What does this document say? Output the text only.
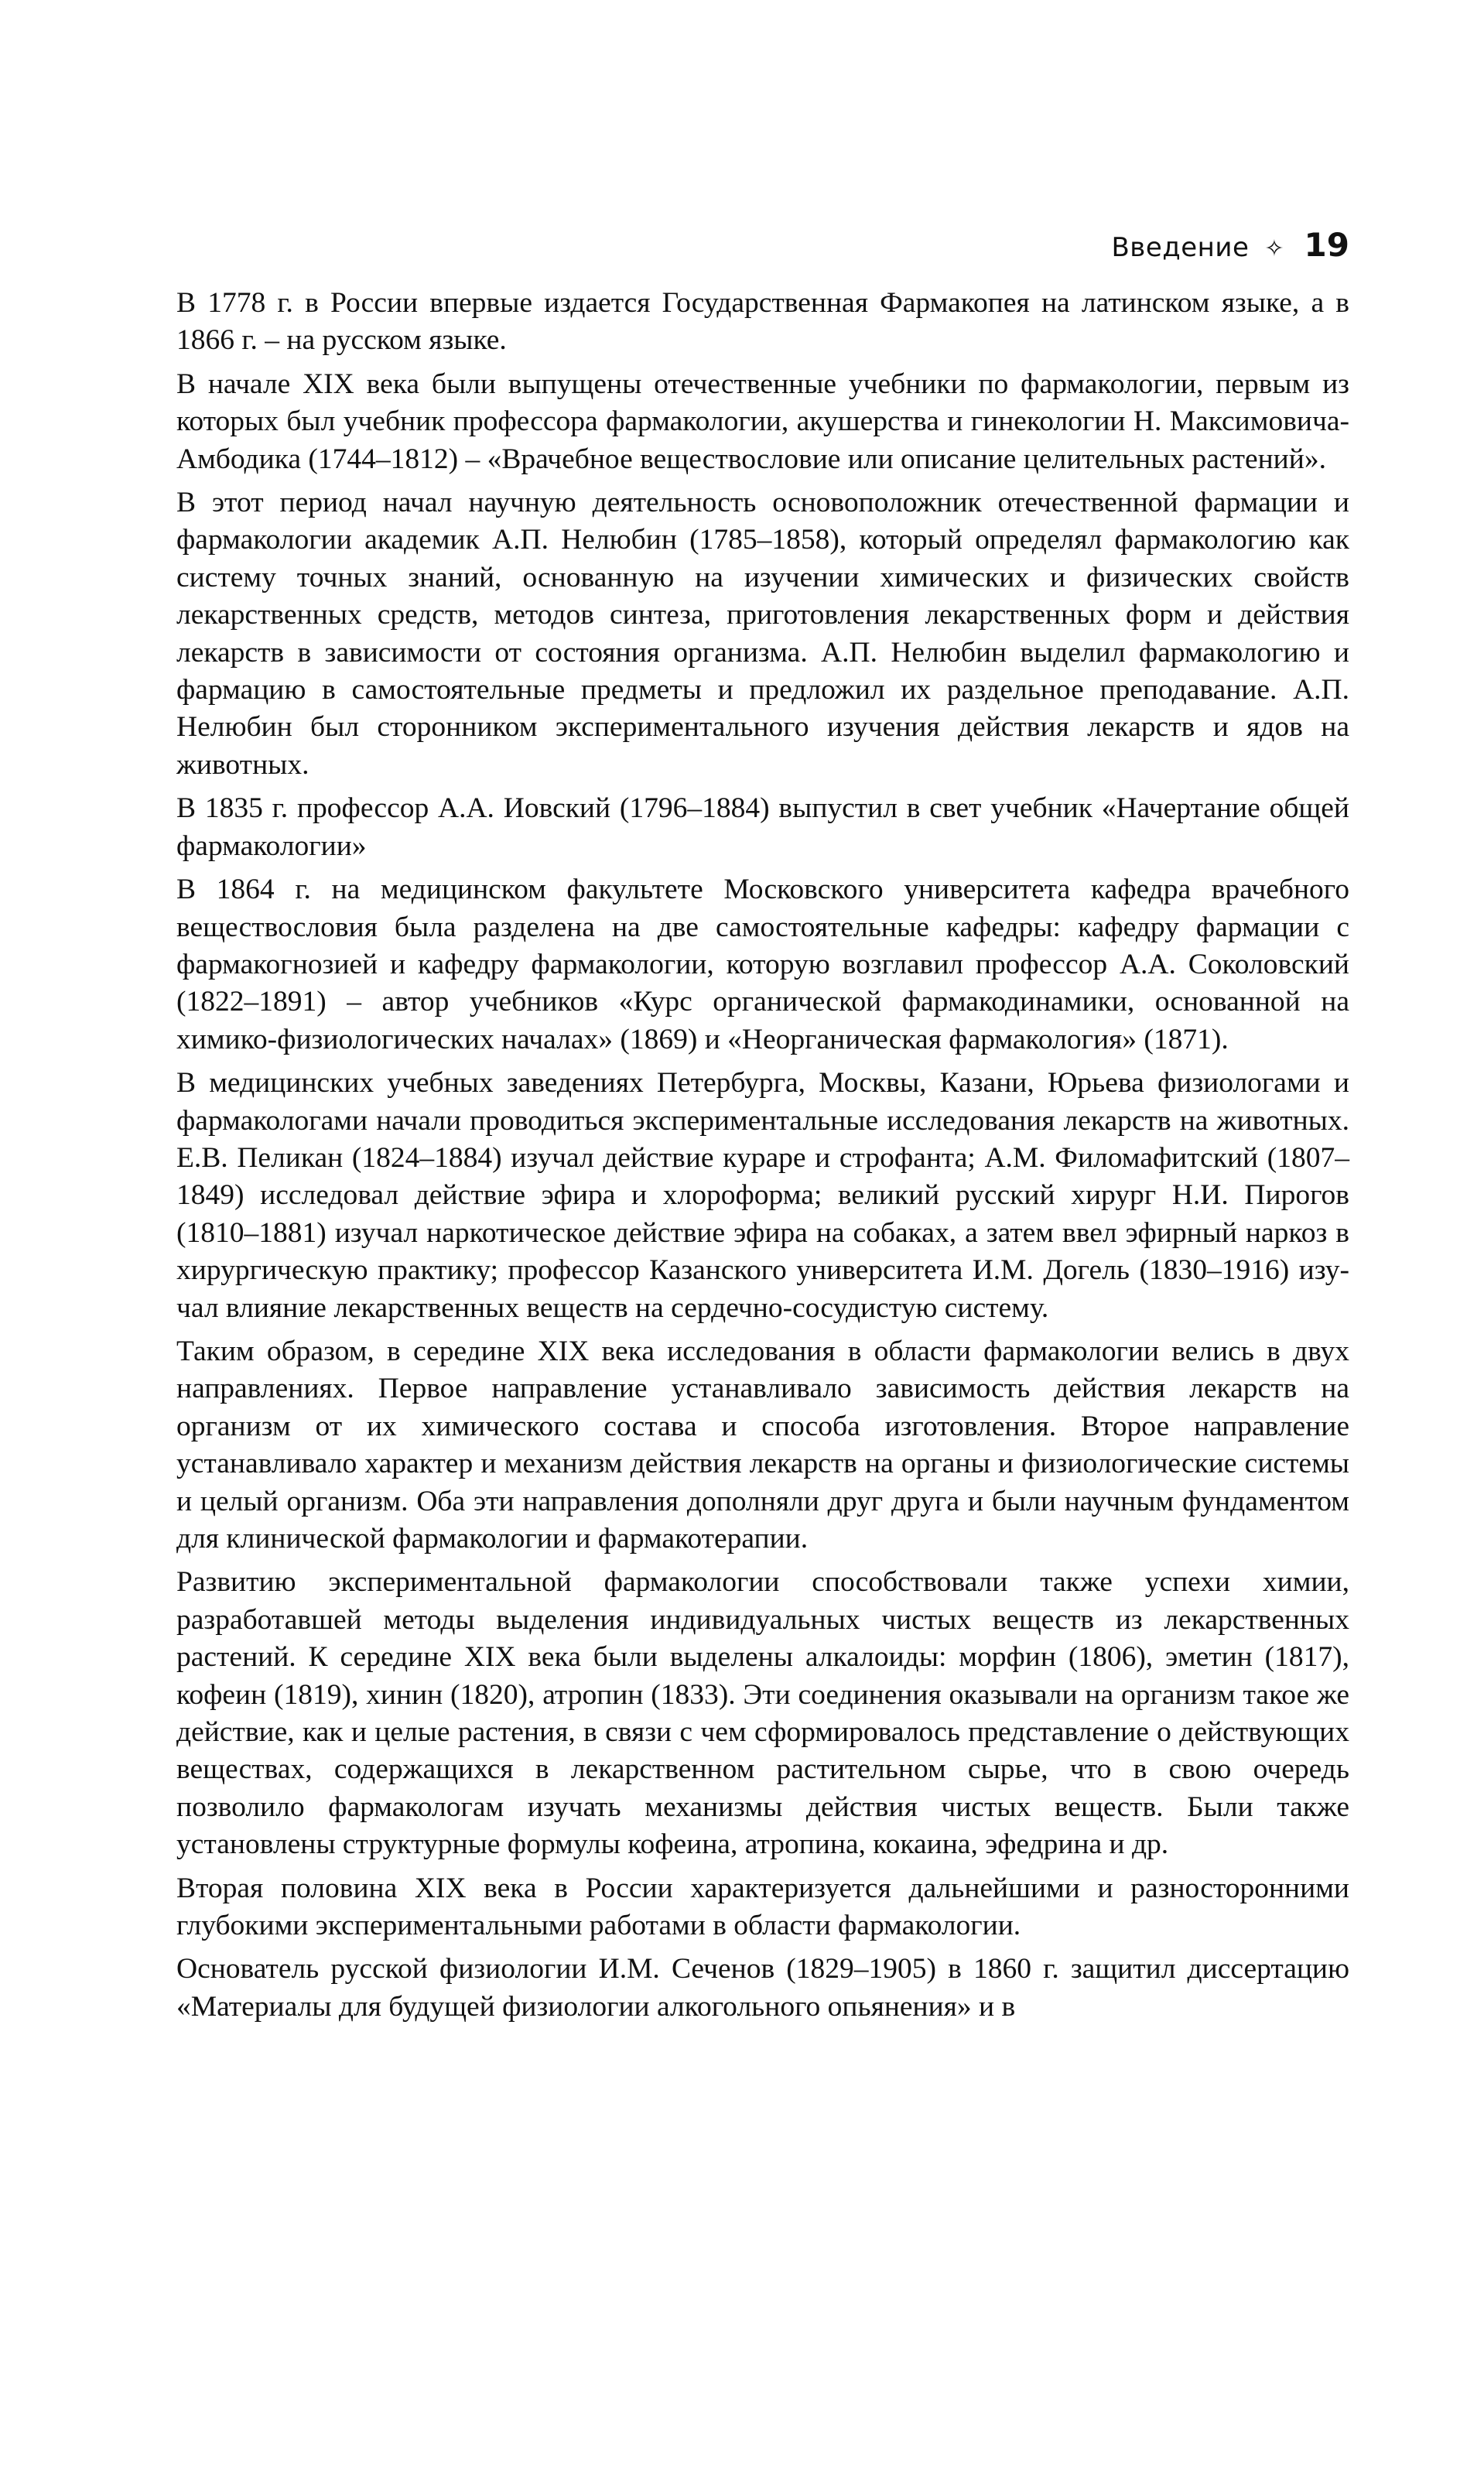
Введение ✧ 19

В 1778 г. в России впервые издается Государственная Фармакопея на латинском языке, а в 1866 г. – на русском языке.

В начале XIX века были выпущены отечественные учебники по фармакологии, первым из которых был учебник профессора фармакологии, акушерства и гинекологии Н. Максимовича-Амбодика (1744–1812) – «Врачебное веществословие или описание целительных растений».

В этот период начал научную деятельность основоположник отечественной фармации и фармакологии академик А.П. Нелюбин (1785–1858), который определял фармакологию как систему точных знаний, основанную на изучении химических и физических свойств лекарственных средств, методов синтеза, приготовления лекарственных форм и действия лекарств в зависимости от состояния организма. А.П. Нелюбин выделил фармакологию и фармацию в самостоятельные предметы и предложил их раздельное преподавание. А.П. Нелюбин был сторонником экспериментального изучения действия лекарств и ядов на животных.

В 1835 г. профессор А.А. Иовский (1796–1884) выпустил в свет учебник «Начертание общей фармакологии»

В 1864 г. на медицинском факультете Московского университета кафедра врачебного веществословия была разделена на две самостоятельные кафедры: кафедру фармации с фармакогнозией и кафедру фармакологии, которую возглавил профессор А.А. Соколовский (1822–1891) – автор учебников «Курс органической фармакодинамики, основанной на химико-физиологических началах» (1869) и «Неорганическая фармакология» (1871).

В медицинских учебных заведениях Петербурга, Москвы, Казани, Юрьева физиологами и фармакологами начали проводиться экспериментальные исследования лекарств на животных. Е.В. Пеликан (1824–1884) изучал действие кураре и строфанта; А.М. Филомафитский (1807–1849) исследовал действие эфира и хлороформа; великий русский хирург Н.И. Пирогов (1810–1881) изучал наркотическое действие эфира на собаках, а затем ввел эфирный наркоз в хирургическую практику; профессор Казанского университета И.М. Догель (1830–1916) изучал влияние лекарственных веществ на сердечно-сосудистую систему.

Таким образом, в середине XIX века исследования в области фармакологии велись в двух направлениях. Первое направление устанавливало зависимость действия лекарств на организм от их химического состава и способа изготовления. Второе направление устанавливало характер и механизм действия лекарств на органы и физиологические системы и целый организм. Оба эти направления дополняли друг друга и были научным фундаментом для клинической фармакологии и фармакотерапии.

Развитию экспериментальной фармакологии способствовали также успехи химии, разработавшей методы выделения индивидуальных чистых веществ из лекарственных растений. К середине XIX века были выделены алкалоиды: морфин (1806), эметин (1817), кофеин (1819), хинин (1820), атропин (1833). Эти соединения оказывали на организм такое же действие, как и целые растения, в связи с чем сформировалось представление о действующих веществах, содержащихся в лекарственном растительном сырье, что в свою очередь позволило фармакологам изучать механизмы действия чистых веществ. Были также установлены структурные формулы кофеина, атропина, кокаина, эфедрина и др.

Вторая половина XIX века в России характеризуется дальнейшими и разносторонними глубокими экспериментальными работами в области фармакологии.

Основатель русской физиологии И.М. Сеченов (1829–1905) в 1860 г. защитил диссертацию «Материалы для будущей физиологии алкогольного опьянения» и в
